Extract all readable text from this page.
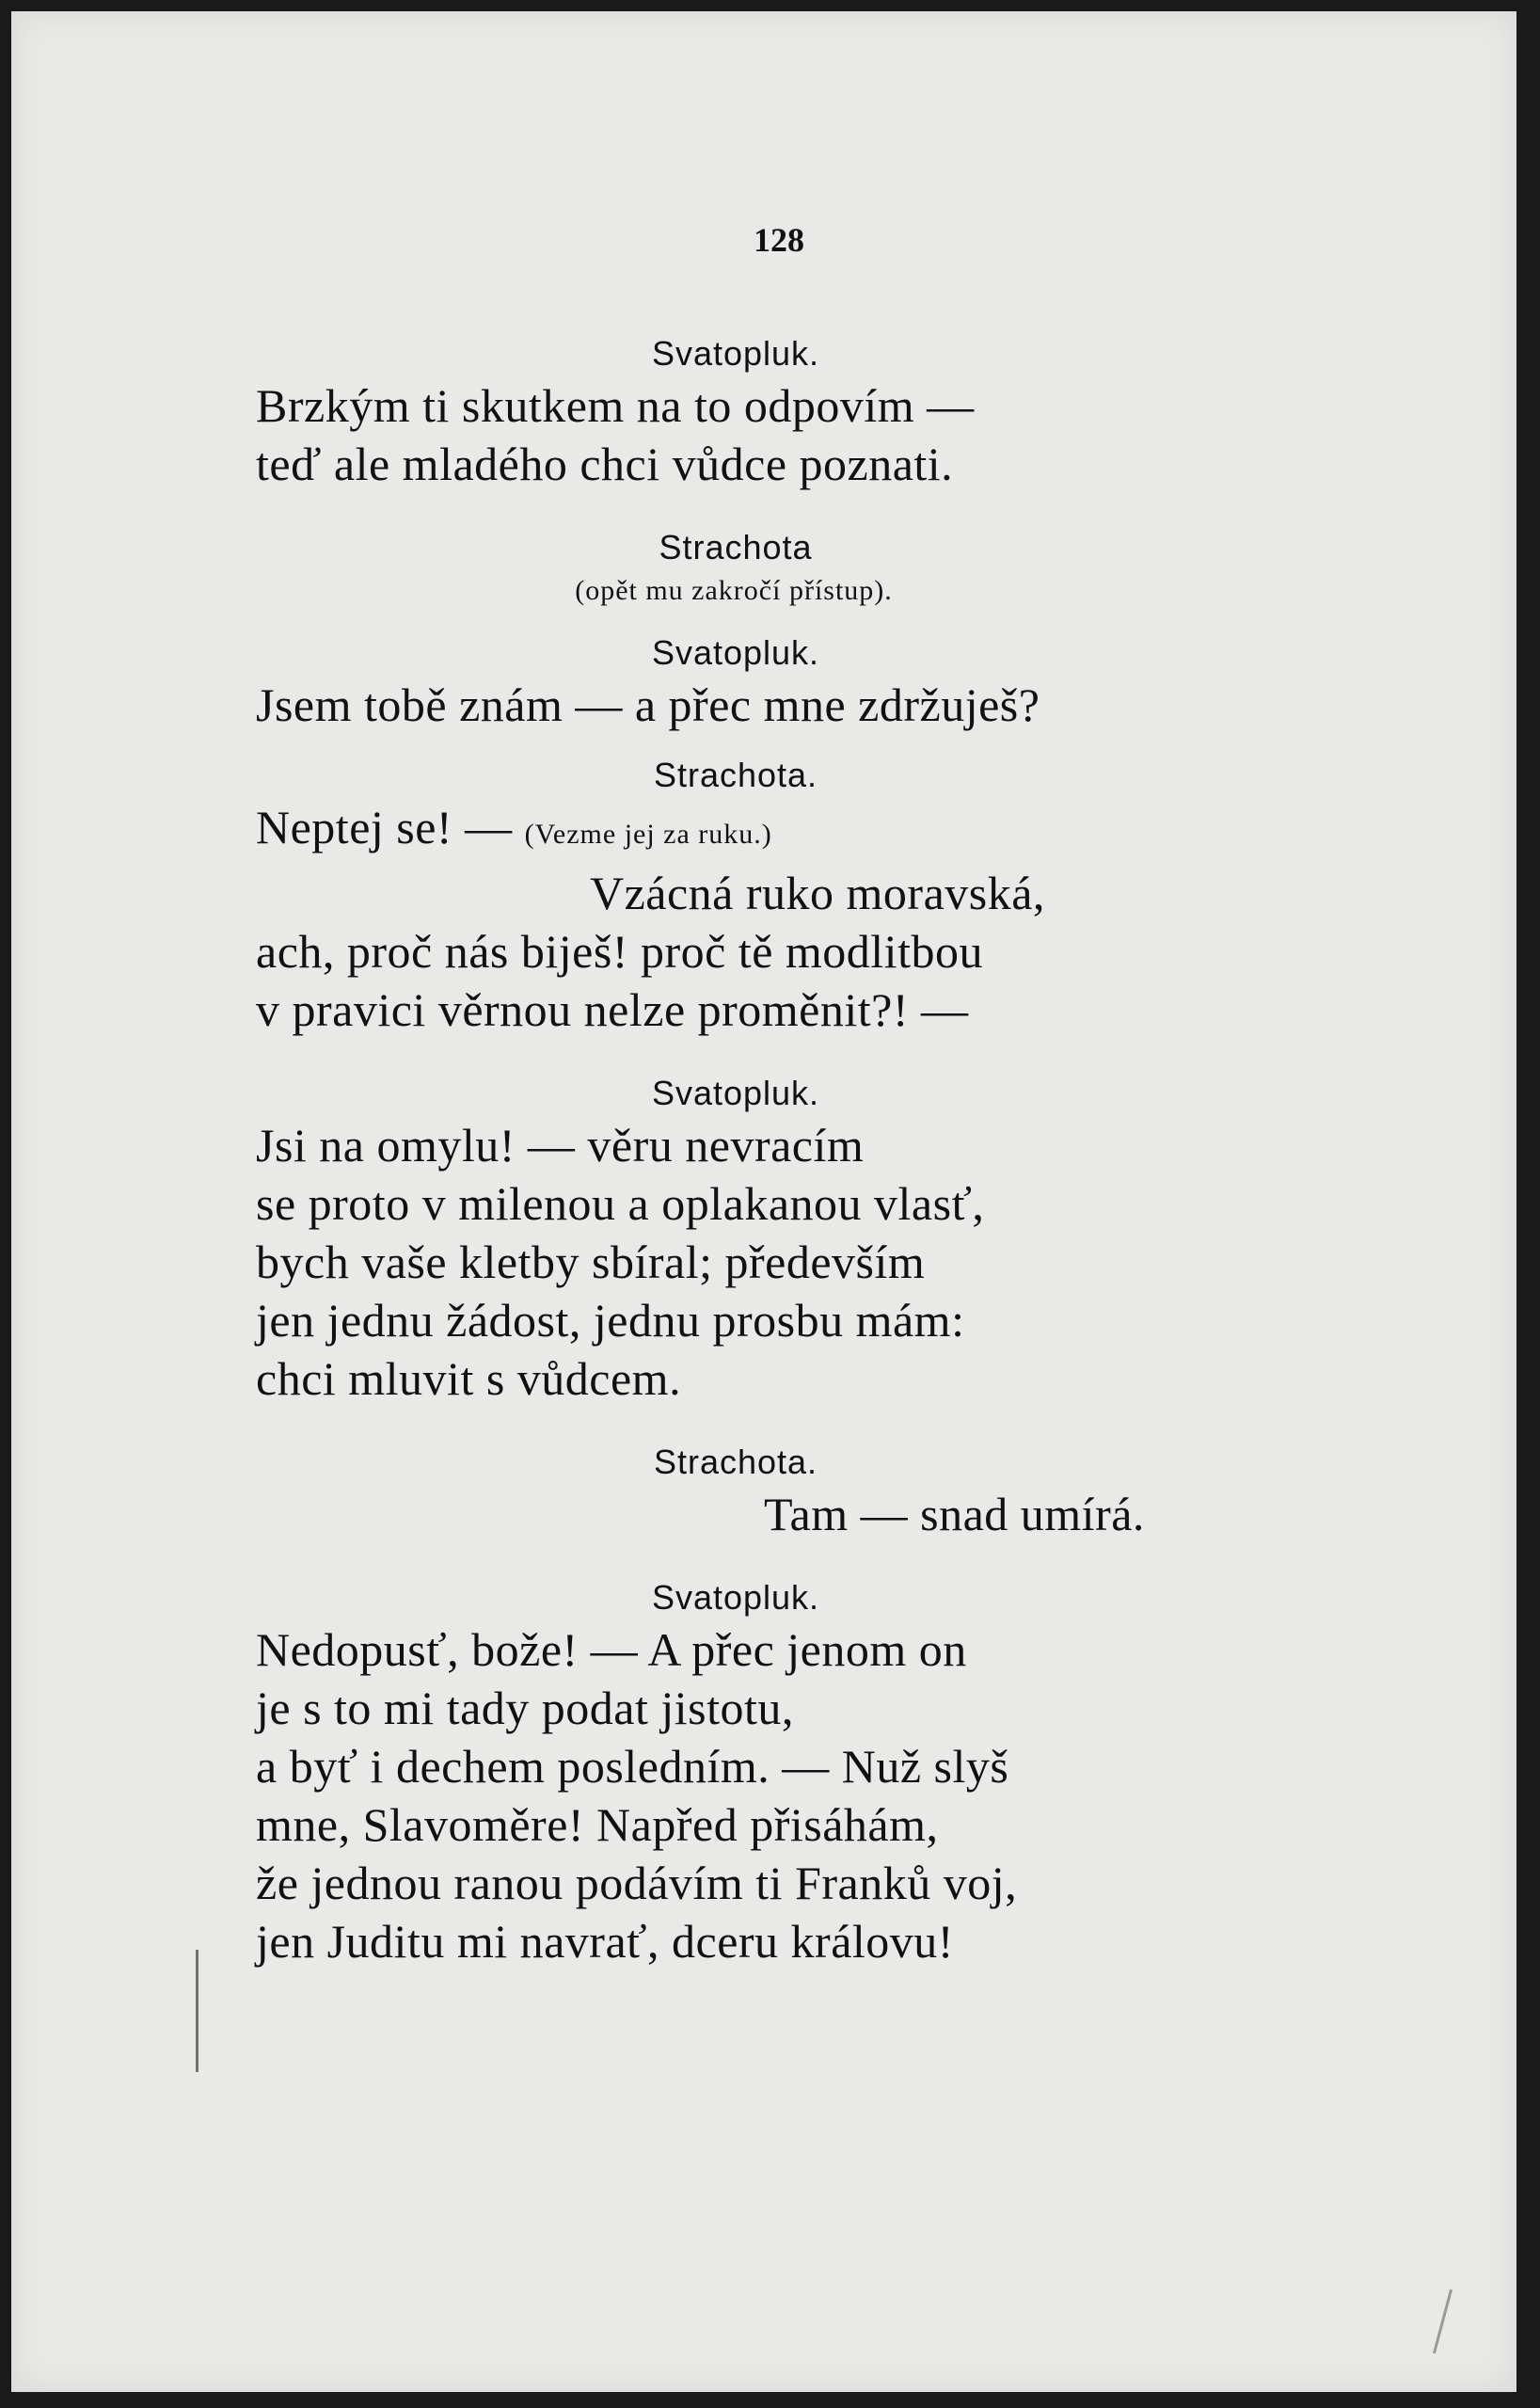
128
Svatopluk.
Brzkým ti skutkem na to odpovím —
teď ale mladého chci vůdce poznati.
Strachota
(opět mu zakročí přístup).
Svatopluk.
Jsem tobě znám — a přec mne zdržuješ?
Strachota.
Neptej se! — (Vezme jej za ruku.)
Vzácná ruko moravská,
ach, proč nás biješ! proč tě modlitbou
v pravici věrnou nelze proměnit?! —
Svatopluk.
Jsi na omylu! — věru nevracím
se proto v milenou a oplakanou vlasť,
bych vaše kletby sbíral; především
jen jednu žádost, jednu prosbu mám:
chci mluvit s vůdcem.
Strachota.
Tam — snad umírá.
Svatopluk.
Nedopusť, bože! — A přec jenom on
je s to mi tady podat jistotu,
a byť i dechem posledním. — Nuž slyš
mne, Slavoměre! Napřed přisáhám,
že jednou ranou podávím ti Franků voj,
jen Juditu mi navrať, dceru královu!
